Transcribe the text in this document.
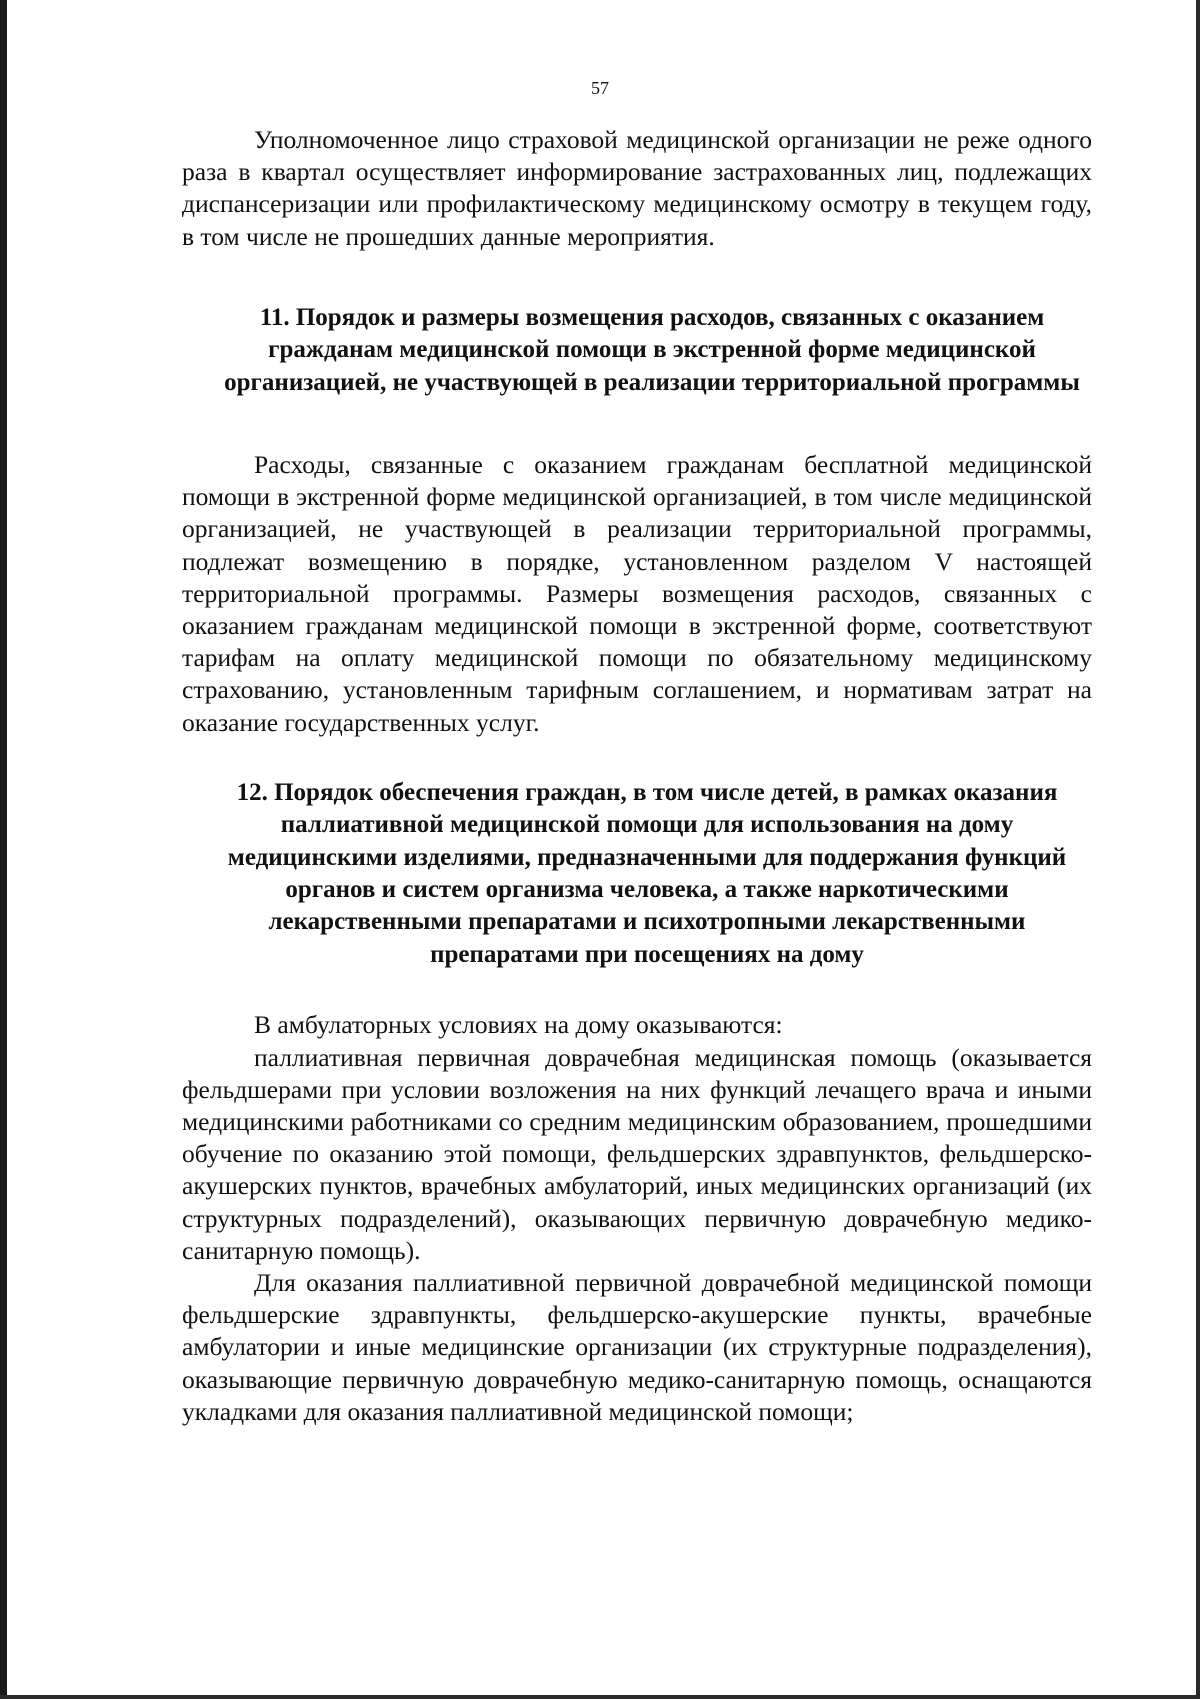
57

Уполномоченное лицо страховой медицинской организации не реже одного раза в квартал осуществляет информирование застрахованных лиц, подлежащих диспансеризации или профилактическому медицинскому осмотру в текущем году, в том числе не прошедших данные мероприятия.

11. Порядок и размеры возмещения расходов, связанных с оказанием гражданам медицинской помощи в экстренной форме медицинской организацией, не участвующей в реализации территориальной программы

Расходы, связанные с оказанием гражданам бесплатной медицинской помощи в экстренной форме медицинской организацией, в том числе медицинской организацией, не участвующей в реализации территориальной программы, подлежат возмещению в порядке, установленном разделом V настоящей территориальной программы. Размеры возмещения расходов, связанных с оказанием гражданам медицинской помощи в экстренной форме, соответствуют тарифам на оплату медицинской помощи по обязательному медицинскому страхованию, установленным тарифным соглашением, и нормативам затрат на оказание государственных услуг.

12. Порядок обеспечения граждан, в том числе детей, в рамках оказания паллиативной медицинской помощи для использования на дому медицинскими изделиями, предназначенными для поддержания функций органов и систем организма человека, а также наркотическими лекарственными препаратами и психотропными лекарственными препаратами при посещениях на дому

В амбулаторных условиях на дому оказываются:

паллиативная первичная доврачебная медицинская помощь (оказывается фельдшерами при условии возложения на них функций лечащего врача и иными медицинскими работниками со средним медицинским образованием, прошедшими обучение по оказанию этой помощи, фельдшерских здравпунктов, фельдшерско-акушерских пунктов, врачебных амбулаторий, иных медицинских организаций (их структурных подразделений), оказывающих первичную доврачебную медико-санитарную помощь).

Для оказания паллиативной первичной доврачебной медицинской помощи фельдшерские здравпункты, фельдшерско-акушерские пункты, врачебные амбулатории и иные медицинские организации (их структурные подразделения), оказывающие первичную доврачебную медико-санитарную помощь, оснащаются укладками для оказания паллиативной медицинской помощи;
